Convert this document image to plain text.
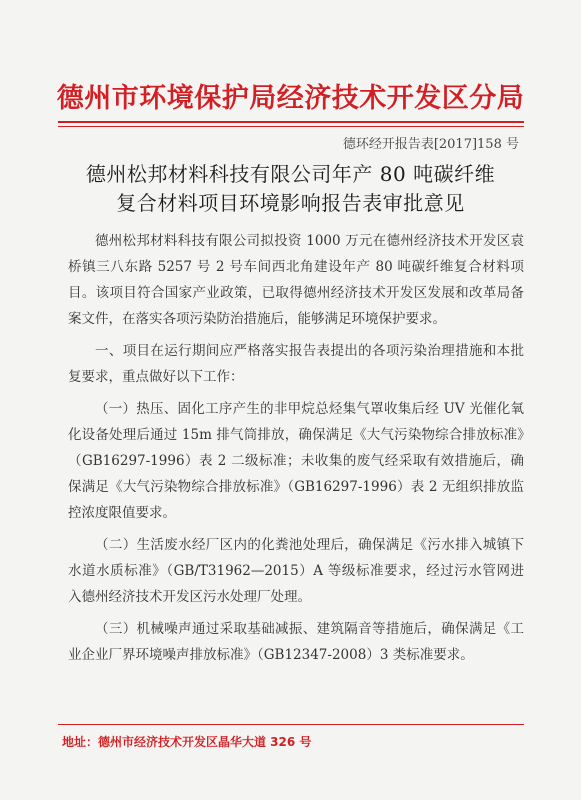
德州市环境保护局经济技术开发区分局
德环经开报告表[2017]158 号
德州松邦材料科技有限公司年产 80 吨碳纤维
复合材料项目环境影响报告表审批意见

德州松邦材料科技有限公司拟投资 1000 万元在德州经济技术开发区袁桥镇三八东路 5257 号 2 号车间西北角建设年产 80 吨碳纤维复合材料项目。该项目符合国家产业政策，已取得德州经济技术开发区发展和改革局备案文件，在落实各项污染防治措施后，能够满足环境保护要求。

一、项目在运行期间应严格落实报告表提出的各项污染治理措施和本批复要求，重点做好以下工作：

（一）热压、固化工序产生的非甲烷总烃集气罩收集后经 UV 光催化氧化设备处理后通过 15m 排气筒排放，确保满足《大气污染物综合排放标准》（GB16297-1996）表 2 二级标准；未收集的废气经采取有效措施后，确保满足《大气污染物综合排放标准》（GB16297-1996）表 2 无组织排放监控浓度限值要求。

（二）生活废水经厂区内的化粪池处理后，确保满足《污水排入城镇下水道水质标准》（GB/T31962—2015）A 等级标准要求，经过污水管网进入德州经济技术开发区污水处理厂处理。

（三）机械噪声通过采取基础减振、建筑隔音等措施后，确保满足《工业企业厂界环境噪声排放标准》（GB12347-2008）3 类标准要求。

地址：德州市经济技术开发区晶华大道 326 号
